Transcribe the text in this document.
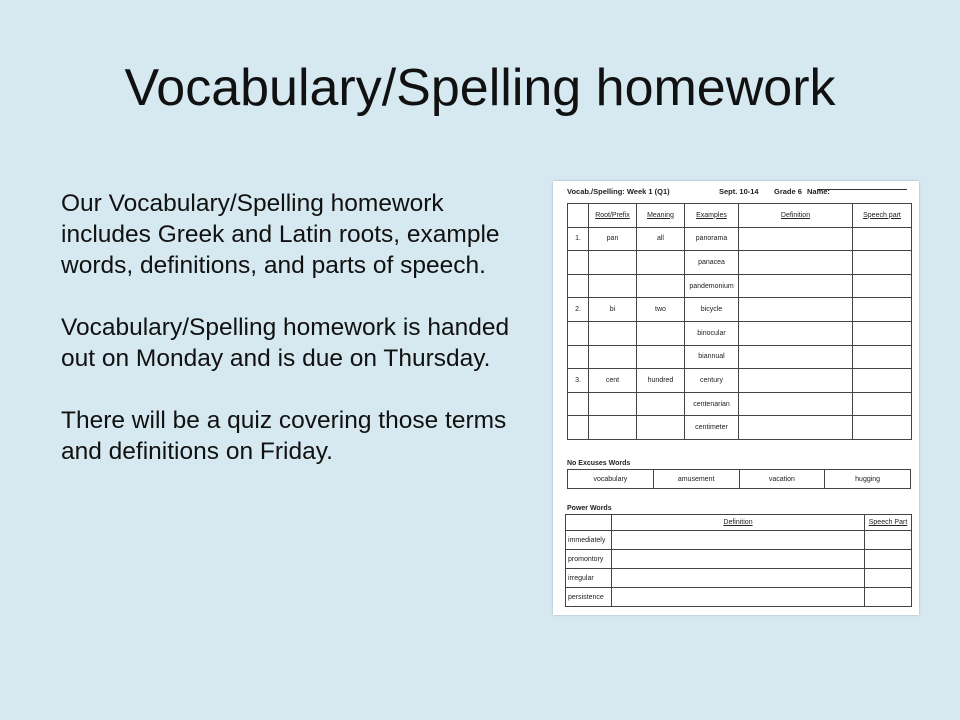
Vocabulary/Spelling homework

Our Vocabulary/Spelling homework includes Greek and Latin roots, example words, definitions, and parts of speech.

Vocabulary/Spelling homework is handed out on Monday and is due on Thursday.

There will be a quiz covering those terms and definitions on Friday.

Vocab./Spelling: Week 1 (Q1)	Sept. 10-14 Grade 6 Name:
	Root/Prefix	Meaning	Examples	Definition	Speech part
1.	pan	all	panorama		
			panacea		
			pandemonium		
2.	bi	two	bicycle		
			binocular		
			biannual		
3.	cent	hundred	century		
			centenarian		
			centimeter		
No Excuses Words
vocabulary	amusement	vacation	hugging
Power Words
	Definition	Speech Part
immediately		
promontory		
irregular		
persistence		
